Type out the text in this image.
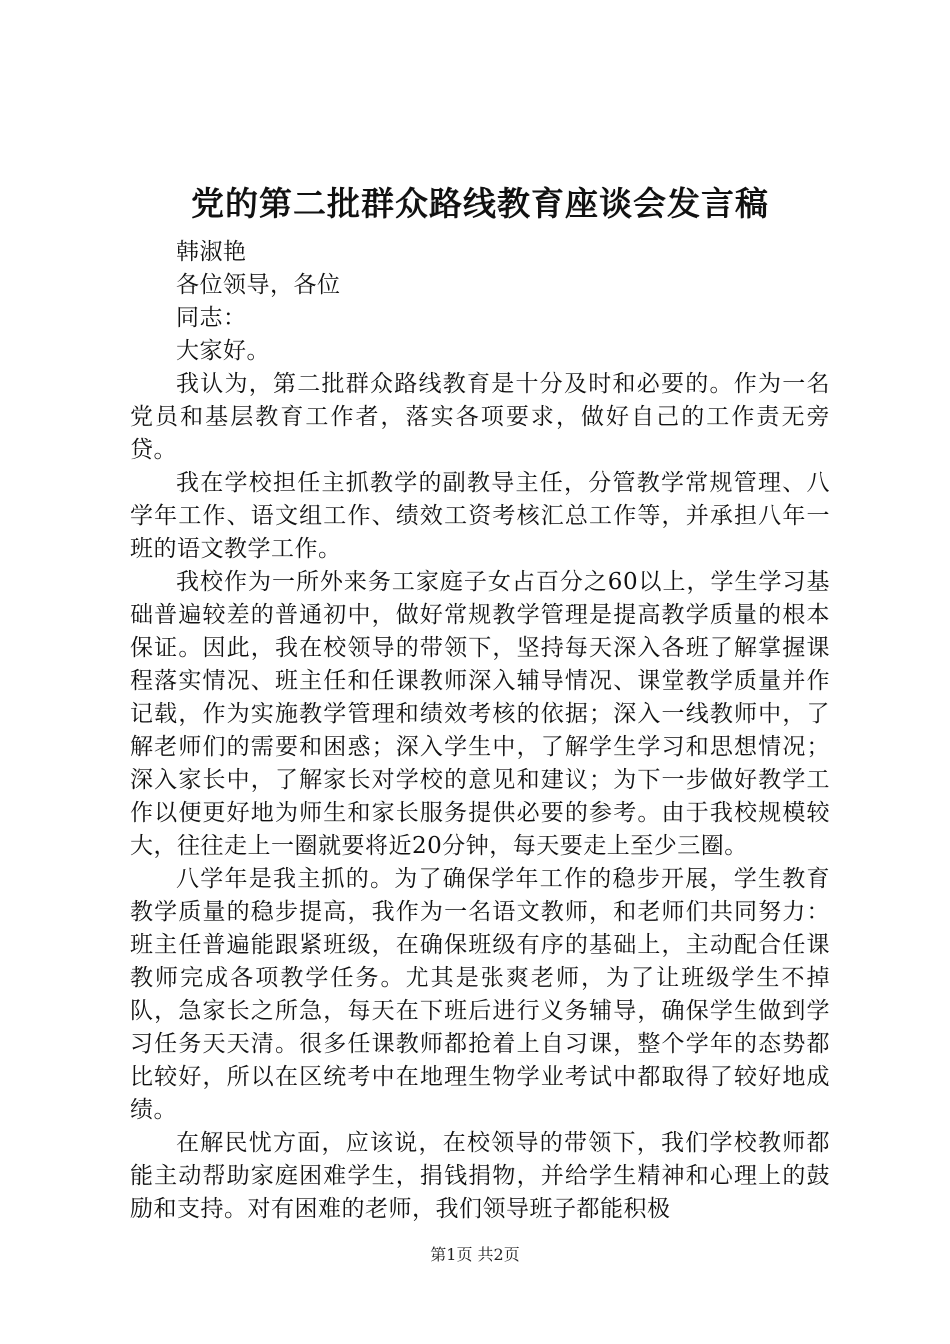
党的第二批群众路线教育座谈会发言稿

韩淑艳

各位领导，各位

同志：

大家好。

我认为，第二批群众路线教育是十分及时和必要的。作为一名党员和基层教育工作者，落实各项要求，做好自己的工作责无旁贷。

我在学校担任主抓教学的副教导主任，分管教学常规管理、八学年工作、语文组工作、绩效工资考核汇总工作等，并承担八年一班的语文教学工作。

我校作为一所外来务工家庭子女占百分之60以上，学生学习基础普遍较差的普通初中，做好常规教学管理是提高教学质量的根本保证。因此，我在校领导的带领下，坚持每天深入各班了解掌握课程落实情况、班主任和任课教师深入辅导情况、课堂教学质量并作记载，作为实施教学管理和绩效考核的依据；深入一线教师中，了解老师们的需要和困惑；深入学生中，了解学生学习和思想情况；深入家长中，了解家长对学校的意见和建议；为下一步做好教学工作以便更好地为师生和家长服务提供必要的参考。由于我校规模较大，往往走上一圈就要将近20分钟，每天要走上至少三圈。

八学年是我主抓的。为了确保学年工作的稳步开展，学生教育教学质量的稳步提高，我作为一名语文教师，和老师们共同努力：班主任普遍能跟紧班级，在确保班级有序的基础上，主动配合任课教师完成各项教学任务。尤其是张爽老师，为了让班级学生不掉队，急家长之所急，每天在下班后进行义务辅导，确保学生做到学习任务天天清。很多任课教师都抢着上自习课，整个学年的态势都比较好，所以在区统考中在地理生物学业考试中都取得了较好地成绩。

在解民忧方面，应该说，在校领导的带领下，我们学校教师都能主动帮助家庭困难学生，捐钱捐物，并给学生精神和心理上的鼓励和支持。对有困难的老师，我们领导班子都能积极

第1页 共2页
